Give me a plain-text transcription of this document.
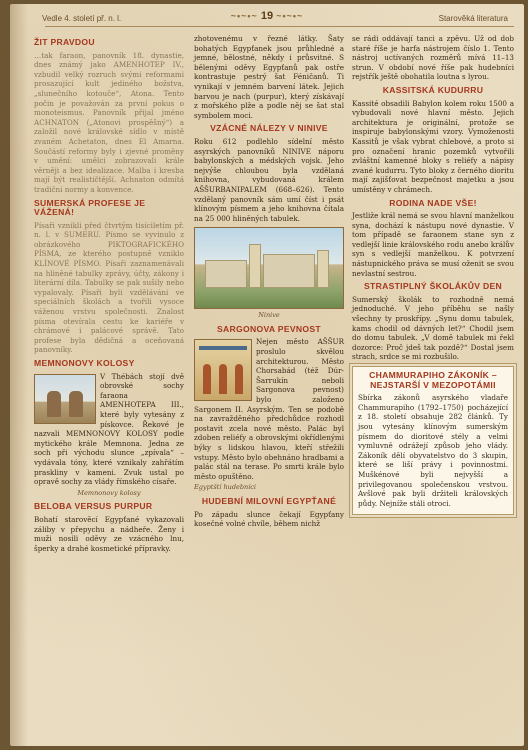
Vedle 4. století př. n. l.	~•~•~ 19 ~•~•~	Starověká literatura
ŽIT PRAVDOU

…tak faraon, panovník 18. dynastie, dnes známý jako AMENHOTEP IV., vzbudil velký rozruch svými reformami prosazující kult jediného božstva, „slunečního kotouče“, Atona. Tento počin je považován za první pokus o monoteismus. Panovník přijal jméno ACHNATON („Atonovi prospěšný“) a založil nové královské sídlo v místě zvaném Achetaton, dnes El Amarna. Součástí reformy byly i zjevné proměny v umění: umělci zobrazovali krále věrněji a bez idealizace. Malba i kresba mají být realističtější. Achnaton odmítá tradiční normy a konvence.

SUMERSKÁ PROFESE JE VÁŽENÁ!

Písaři vznikli před čtvrtým tisíciletím př. n. l. v SUMERU. Písmo se vyvinulo z obrázkového PIKTOGRAFICKÉHO PÍSMA, ze kterého postupně vzniklo KLÍNOVÉ PÍSMO. Písaři zaznamenávali na hliněné tabulky zprávy, účty, zákony i literární díla. Tabulky se pak sušily nebo vypalovaly. Písaři byli vzděláváni ve speciálních školách a tvořili vysoce váženou vrstvu společnosti. Znalost písma otevírala cestu ke kariéře v chrámové i palácové správě. Tato profese byla dědičná a oceňovaná panovníky.

MEMNONOVY KOLOSY

V Thébách stojí dvě obrovské sochy faraona AMENHOTEPA III., které byly vytesány z pískovce. Řekové je nazvali MEMNONOVY KOLOSY podle mytického krále Memnona. Jedna ze soch při východu slunce „zpívala“ – vydávala tóny, které vznikaly zahřátím praskliny v kameni. Zvuk ustal po opravě sochy za vlády římského císaře.

Memnonovy kolosy
BELOBA VERSUS PURPUR

Bohatí starověcí Egypťané vykazovali záliby v přepychu a nádheře. Ženy i muži nosili oděvy ze vzácného lnu, šperky a drahé kosmetické přípravky.

zhotovenému v řezné látky. Šaty bohatých Egypťanek jsou průhledné a jemné, bělostné, někdy i průsvitné. S bělenými oděvy Egypťanů pak ostře kontrastuje pestrý šat Féničanů. Ti vynikají v jemném barvení látek. Jejich barvou je nach (purpur), který získávají z mořského plže a podle něj se šat stal symbolem moci.

VZÁCNÉ NÁLEZY V NINIVE

Roku 612 podlehlo sídelní město asyrských panovníků NINIVE náporu babylonských a médských vojsk. Jeho nejvýše chloubou byla vzdělaná knihovna, vybudovaná králem AŠŠURBANIPALEM (668–626). Tento vzdělaný panovník sám umí číst i psát klínovým písmem a jeho knihovna čítala na 25 000 hliněných tabulek.

Ninive
SARGONOVA PEVNOST

Nejen město AŠŠUR proslulo skvělou architekturou. Město Chorsabád (též Dúr-Šarrukín neboli Sargonova pevnost) bylo založeno Sargonem II. Asyrským. Ten se podobě na zavražděného předchůdce rozhodl postavit zcela nové město. Palác byl zdoben reliéfy a obrovskými okřídlenými býky s lidskou hlavou, kteří střežili vstupy. Město bylo obehnáno hradbami a palác stál na terase. Po smrti krále bylo město opuštěno.

Egyptští hudebníci
HUDEBNÍ MILOVNÍ EGYPŤANÉ

Po západu slunce čekají Egypťany kosečné volné chvíle, během nichž

se rádi oddávají tanci a zpěvu. Už od dob staré říše je harfa nástrojem číslo 1. Tento nástroj uctívaných rozměrů mívá 11–13 strun. V období nové říše pak hudebníci rejstřík ještě obohatila loutna s lyrou.

KASSITSKÁ KUDURRU

Kassité obsadili Babylon kolem roku 1500 a vybudovali nové hlavní město. Jejich architektura je originální, protože se inspiruje babylonskými vzory. Vymoženosti Kassitů je však vybrat chlebové, a proto si pro označení hranic pozemků vytvořili zvláštní kamenné bloky s reliéfy a nápisy zvané kudurru. Tyto bloky z černého dioritu mají zajišťovat bezpečnost majetku a jsou umístěny v chrámech.

RODINA NADE VŠE!

Jestliže král nemá se svou hlavní manželkou syna, dochází k nástupu nové dynastie. V tom případě se faraonem stane syn z vedlejší linie královského rodu anebo králův syn s vedlejší manželkou. K potvrzení nástupnického práva se musí oženit se svou nevlastní sestrou.

STRASTIPLNÝ ŠKOLÁKŮV DEN

Sumerský školák to rozhodně nemá jednoduché. V jeho příběhu se našly všechny ty proskřípy. „Synu domu tabulek, kams chodil od dávných let?“ Chodil jsem do domu tabulek. „V domě tabulek mi řekl dozorce: Proč jdeš tak pozdě?“ Dostal jsem strach, srdce se mi rozbušilo.

CHAMMURAPIHO ZÁKONÍK – NEJSTARŠÍ V MEZOPOTÁMII

Sbírka zákonů asyrského vladaře Chammurapiho (1792–1750) pocházející z 18. století obsahuje 282 článků. Ty jsou vytesány klínovým sumerským písmem do dioritové stély a velmi vymluvně odrážejí způsob jeho vlády. Zákoník dělí obyvatelstvo do 3 skupin, které se liší právy i povinnostmi. Muškénové byli nejvyšší a privilegovanou společenskou vrstvou. Avšlové pak byli držiteli královských půdy. Nejníže stáli otroci.
